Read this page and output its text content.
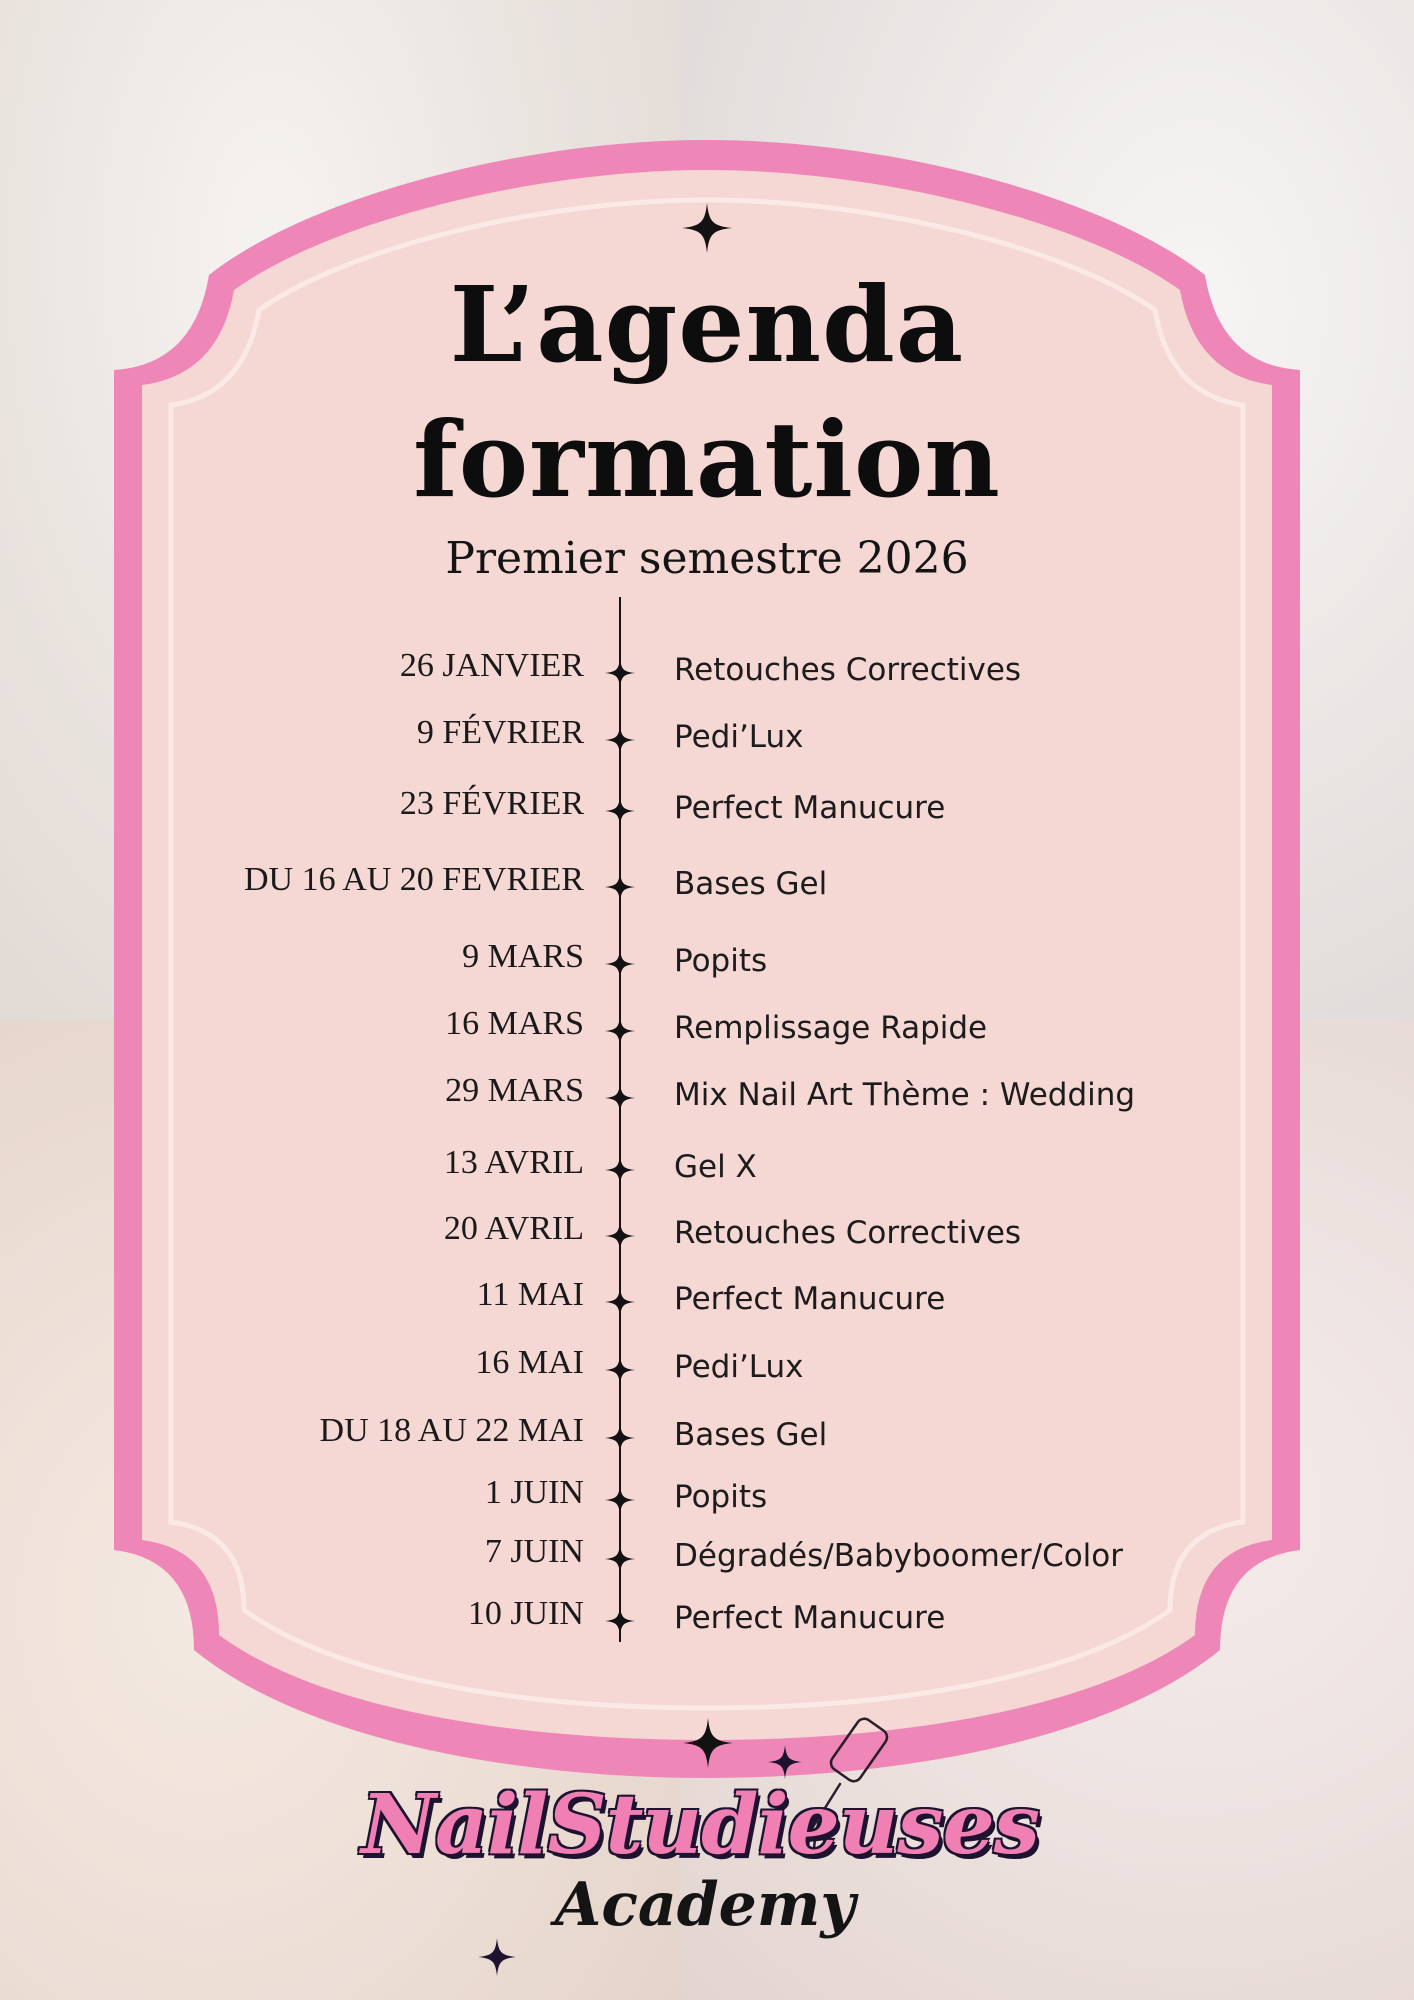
L’agenda
formation

Premier semestre 2026

26 JANVIER	Retouches Correctives
9 FÉVRIER	Pedi’Lux
23 FÉVRIER	Perfect Manucure
DU 16 AU 20 FEVRIER	Bases Gel
9 MARS	Popits
16 MARS	Remplissage Rapide
29 MARS	Mix Nail Art Thème : Wedding
13 AVRIL	Gel X
20 AVRIL	Retouches Correctives
11 MAI	Perfect Manucure
16 MAI	Pedi’Lux
DU 18 AU 22 MAI	Bases Gel
1 JUIN	Popits
7 JUIN	Dégradés/Babyboomer/Color
10 JUIN	Perfect Manucure
NailStudieuses
Academy
